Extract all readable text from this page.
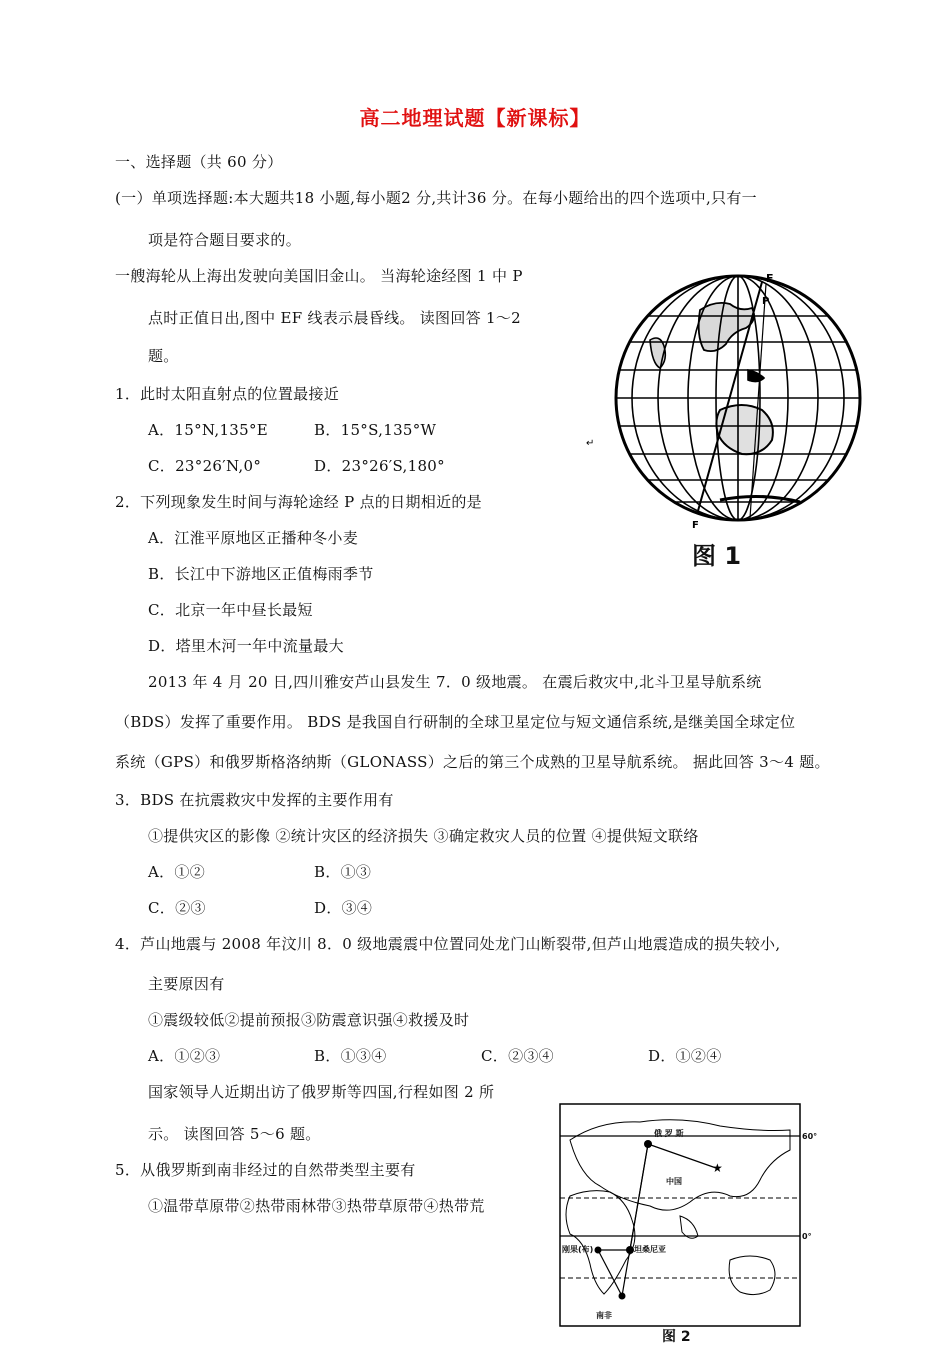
高二地理试题【新课标】
一、选择题（共 60 分）
(一）单项选择题:本大题共18 小题,每小题2 分,共计36 分。在每小题给出的四个选项中,只有一
项是符合题目要求的。
一艘海轮从上海出发驶向美国旧金山。 当海轮途经图 1 中 P
点时正值日出,图中 EF 线表示晨昏线。 读图回答 1～2
题。
1．此时太阳直射点的位置最接近
A．15°N,135°E	B．15°S,135°W
C．23°26′N,0°	D．23°26′S,180°
2．下列现象发生时间与海轮途经 P 点的日期相近的是
A．江淮平原地区正播种冬小麦
B．长江中下游地区正值梅雨季节
C．北京一年中昼长最短
D．塔里木河一年中流量最大
2013 年 4 月 20 日,四川雅安芦山县发生 7．0 级地震。 在震后救灾中,北斗卫星导航系统
（BDS）发挥了重要作用。 BDS 是我国自行研制的全球卫星定位与短文通信系统,是继美国全球定位
系统（GPS）和俄罗斯格洛纳斯（GLONASS）之后的第三个成熟的卫星导航系统。 据此回答 3～4 题。
3．BDS 在抗震救灾中发挥的主要作用有
①提供灾区的影像 ②统计灾区的经济损失 ③确定救灾人员的位置 ④提供短文联络
A．①②	B．①③
C．②③	D．③④
4．芦山地震与 2008 年汶川 8．0 级地震震中位置同处龙门山断裂带,但芦山地震造成的损失较小,
主要原因有
①震级较低②提前预报③防震意识强④救援及时
A．①②③	B．①③④	C．②③④	D．①②④
国家领导人近期出访了俄罗斯等四国,行程如图 2 所
示。 读图回答 5～6 题。
5．从俄罗斯到南非经过的自然带类型主要有
①温带草原带②热带雨林带③热带草原带④热带荒
E
P
F
↵
图 1
★
俄 罗 斯
中国
刚果(布)	坦桑尼亚
南非
60°
0°
图 2
